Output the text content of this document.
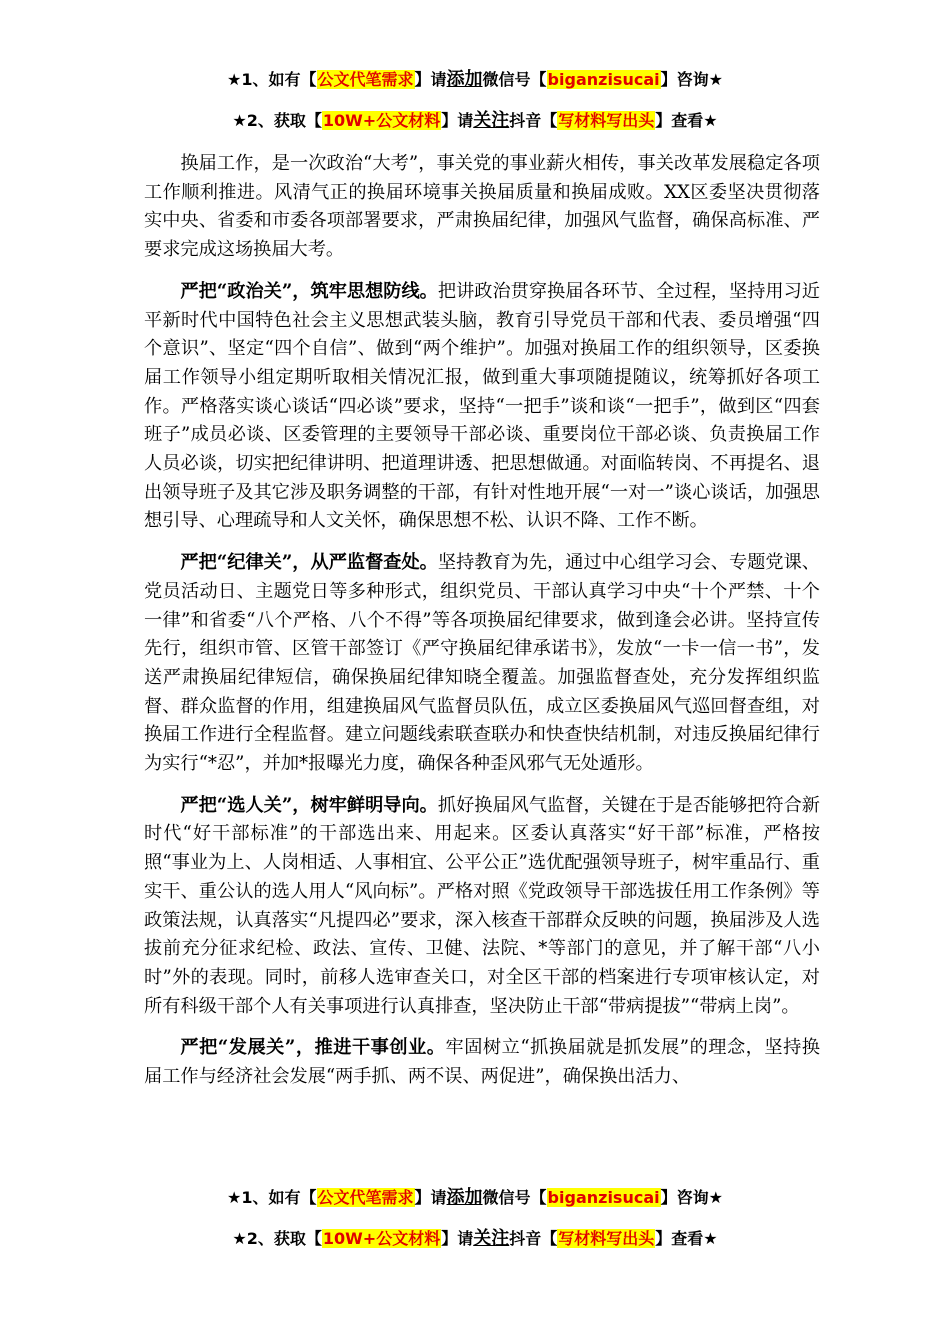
★1、如有【公文代笔需求】请添加微信号【biganzisucai】咨询★
★2、获取【10W+公文材料】请关注抖音【写材料写出头】查看★

换届工作，是一次政治“大考”，事关党的事业薪火相传，事关改革发展稳定各项工作顺利推进。风清气正的换届环境事关换届质量和换届成败。XX区委坚决贯彻落实中央、省委和市委各项部署要求，严肃换届纪律，加强风气监督，确保高标准、严要求完成这场换届大考。

严把“政治关”，筑牢思想防线。把讲政治贯穿换届各环节、全过程，坚持用习近平新时代中国特色社会主义思想武装头脑，教育引导党员干部和代表、委员增强“四个意识”、坚定“四个自信”、做到“两个维护”。加强对换届工作的组织领导，区委换届工作领导小组定期听取相关情况汇报，做到重大事项随提随议，统筹抓好各项工作。严格落实谈心谈话“四必谈”要求，坚持“一把手”谈和谈“一把手”，做到区“四套班子”成员必谈、区委管理的主要领导干部必谈、重要岗位干部必谈、负责换届工作人员必谈，切实把纪律讲明、把道理讲透、把思想做通。对面临转岗、不再提名、退出领导班子及其它涉及职务调整的干部，有针对性地开展“一对一”谈心谈话，加强思想引导、心理疏导和人文关怀，确保思想不松、认识不降、工作不断。

严把“纪律关”，从严监督查处。坚持教育为先，通过中心组学习会、专题党课、党员活动日、主题党日等多种形式，组织党员、干部认真学习中央“十个严禁、十个一律”和省委“八个严格、八个不得”等各项换届纪律要求，做到逢会必讲。坚持宣传先行，组织市管、区管干部签订《严守换届纪律承诺书》，发放“一卡一信一书”，发送严肃换届纪律短信，确保换届纪律知晓全覆盖。加强监督查处，充分发挥组织监督、群众监督的作用，组建换届风气监督员队伍，成立区委换届风气巡回督查组，对换届工作进行全程监督。建立问题线索联查联办和快查快结机制，对违反换届纪律行为实行“*忍”，并加*报曝光力度，确保各种歪风邪气无处遁形。

严把“选人关”，树牢鲜明导向。抓好换届风气监督，关键在于是否能够把符合新时代“好干部标准”的干部选出来、用起来。区委认真落实“好干部”标准，严格按照“事业为上、人岗相适、人事相宜、公平公正”选优配强领导班子，树牢重品行、重实干、重公认的选人用人“风向标”。严格对照《党政领导干部选拔任用工作条例》等政策法规，认真落实“凡提四必”要求，深入核查干部群众反映的问题，换届涉及人选拔前充分征求纪检、政法、宣传、卫健、法院、*等部门的意见，并了解干部“八小时”外的表现。同时，前移人选审查关口，对全区干部的档案进行专项审核认定，对所有科级干部个人有关事项进行认真排查，坚决防止干部“带病提拔”“带病上岗”。

严把“发展关”，推进干事创业。牢固树立“抓换届就是抓发展”的理念，坚持换届工作与经济社会发展“两手抓、两不误、两促进”，确保换出活力、

★1、如有【公文代笔需求】请添加微信号【biganzisucai】咨询★
★2、获取【10W+公文材料】请关注抖音【写材料写出头】查看★
